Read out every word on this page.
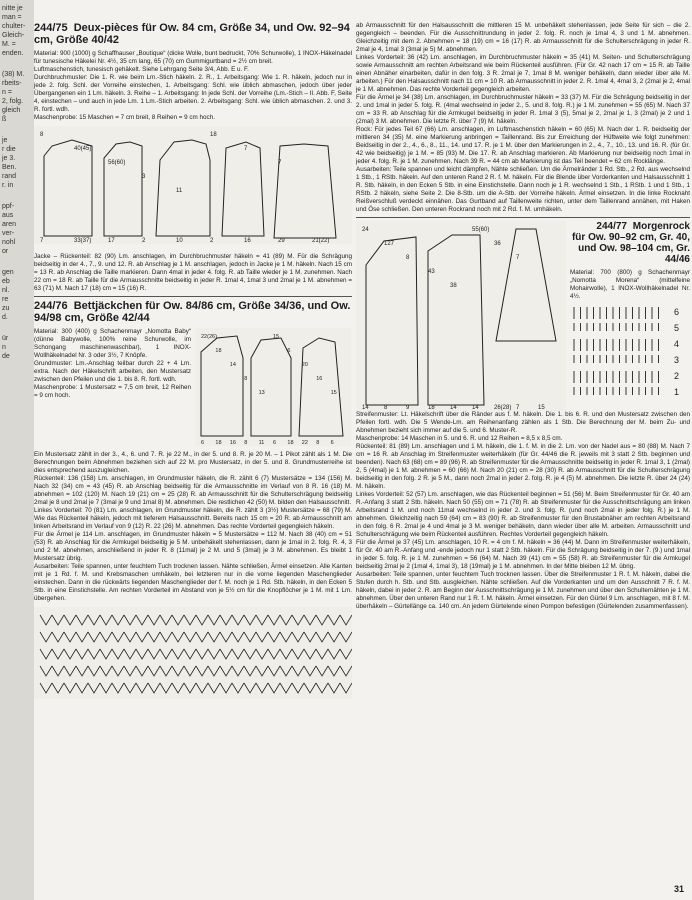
nitte je
man =
chulter-
Gleich-
M. =
enden.
(38) M.
rbeits-
n =
2, folg.
gleich
ß
je
r die
je 3.
Ben.
rand
r. in
ppf-
aus
aren
ver-
nohl
or
gen
eb
nl.
re
zu
d.
ür
n
de
244/75 Deux-pièces für Ow. 84 cm, Größe 34, und Ow. 92–94 cm, Größe 40/42

Material: 900 (1000) g Schaffhauser „Boutique“ (dicke Wolle, bunt bedruckt, 70% Schurwolle), 1 INOX-Häkelnadel für tunesische Häkelei Nr. 4½, 35 cm lang, 65 (70) cm Gummigurtband = 2½ cm breit.

Luftmaschenstich, tunesisch gehäkelt. Siehe Lehrgang Seite 3/4, Abb. E u. F.

Durchbruchmuster: Die 1. R. wie beim Lm.-Stich häkeln. 2. R., 1. Arbeitsgang: Wie 1. R. häkeln, jedoch nur in jede 2. folg. Schl. der Vorreihe einstechen, 1. Arbeitsgang: Schl. wie üblich abmaschen, jedoch über jeder Übergangenen ein 1 Lm. häkeln. 3. Reihe – 1. Arbeitsgang: In jede Schl. der Vorreihe (Lm.-Stich – II. Abb. F, Seite 4, einstechen – und auch in jede Lm. 1 Lm.-Stich arbeiten. 2. Arbeitsgang: Schl. wie üblich abmaschen. 2. und 3. R. fortl. wdh.

Maschenprobe: 15 Maschen = 7 cm breit, 8 Reihen = 9 cm hoch.

7	33(37)	17	2	10	2	16	29	21(22)
8
40(45)
56(60)
3
11
18
7
7

Jacke – Rückenteil: 82 (90) Lm. anschlagen, im Durchbruchmuster häkeln = 41 (89) M. Für die Schrägung beidseitig in der 4., 7., 9. und 12. R. ab Anschlag je 1 M. anschlagen, jedoch in Jacke je 1 M. häkeln. Nach 15 cm = 13 R. ab Anschlag die Taille markieren. Dann 4mal in jeder 4. folg. R. ab Taille wieder je 1 M. zunehmen. Nach 22 cm = 18 R. ab Taille für die Armausschnitte beidseitig in jeder R. 1mal 4, 1mal 3 und 2mal je 1 M. abnehmen = 63 (71) M. Nach 17 (18) cm = 15 (16) R.

244/76 Bettjäckchen für Ow. 84/86 cm, Größe 34/36, und Ow. 94/98 cm, Größe 42/44

Material: 300 (400) g Schachenmayr „Nomotta Baby“ (dünne Babywolle, 100% reine Schurwolle, im Schongang maschinenwaschbar), 1 INOX-Wollhäkelnadel Nr. 3 oder 3½, 7 Knöpfe.

Grundmuster: Lm.-Anschlag teilbar durch 22 + 4 Lm. extra. Nach der Häkelschrift arbeiten, den Mustersatz zwischen den Pfeilen und die 1. bis 8. R. fortl. wdh.

Maschenprobe: 1 Mustersatz = 7,5 cm breit, 12 Reihen = 9 cm hoch.

6 18 16 8 11 6 18 22 8 6
22(26)
18
14
8
13
15
6
20
16
15

Ein Mustersatz zählt in der 3., 4., 6. und 7. R. je 22 M., in der 5. und 8. R. je 20 M. – 1 Pikot zählt als 1 M. Die Berechnungen beim Abnehmen beziehen sich auf 22 M. pro Mustersatz, in der 5. und 8. Grundmusterreihe ist dies entsprechend auszugleichen.

Rückenteil: 136 (158) Lm. anschlagen, im Grundmuster häkeln, die R. zählt 6 (7) Mustersätze = 134 (156) M. Nach 32 (34) cm = 43 (45) R. ab Anschlag beidseitig für die Armausschnitte im Verlauf von 8 R. 16 (18) M. abnehmen = 102 (120) M. Nach 19 (21) cm = 25 (28) R. ab Armausschnitt für die Schulterschrägung beidseitig 2mal je 8 und 2mal je 7 (3mal je 9 und 1mal 8) M. abnehmen. Die restlichen 42 (50) M. bilden den Halsausschnitt.

Linkes Vorderteil: 70 (81) Lm. anschlagen, im Grundmuster häkeln, die R. zählt 3 (3½) Mustersätze = 68 (79) M. Wie das Rückenteil häkeln, jedoch mit tieferem Halsausschnitt. Bereits nach 15 cm = 20 R. ab Armausschnitt am linken Arbeitsrand im Verlauf von 9 (12) R. 22 (26) M. abnehmen. Das rechte Vorderteil gegengleich häkeln.

Für die Ärmel je 114 Lm. anschlagen, im Grundmuster häkeln = 5 Mustersätze = 112 M. Nach 38 (40) cm = 51 (53) R. ab Anschlag für die Armkugel beidseitig je 5 M. unbehäkelt stehenlassen, dann je 1mal in 2. folg. R. 4, 3 und 2 M. abnehmen, anschließend in jeder R. 8 (11mal) je 2 M. und 5 (3mal) je 3 M. abnehmen. Es bleibt 1 Mustersatz übrig.

Ausarbeiten: Teile spannen, unter feuchtem Tuch trocknen lassen. Nähte schließen, Ärmel einsetzen. Alle Kanten mit je 1 Rd. f. M. und Krebsmaschen umhäkeln, bei letzteren nur in die vorne liegenden Maschenglieder einstechen. Dann in die rückwärts liegenden Maschenglieder der f. M. noch je 1 Rd. Stb. häkeln, in den Ecken 5 Stb. in eine Einstichstelle. Am rechten Vorderteil im Abstand von je 5½ cm für die Knopflöcher je 1 M. mit 1 Lm. übergehen.

ab Armausschnitt für den Halsausschnitt die mittleren 15 M. unbehäkelt stehenlassen, jede Seite für sich – die 2. gegengleich – beenden. Für die Ausschnittrundung in jeder 2. folg. R. noch je 1mal 4, 3 und 1 M. abnehmen. Gleichzeitig mit dem 2. Abnehmen = 18 (19) cm = 16 (17) R. ab Armausschnitt für die Schulterschrägung in jeder R. 2mal je 4, 1mal 3 (3mal je 5) M. abnehmen.

Linkes Vorderteil: 36 (42) Lm. anschlagen, im Durchbruchmuster häkeln = 35 (41) M. Seiten- und Schulterschrägung sowie Armausschnitt am rechten Arbeitsrand wie beim Rückenteil ausführen. (Für Gr. 42 nach 17 cm = 15 R. ab Taille einen Abnäher einarbeiten, dafür in den folg. 3 R. 2mal je 7, 1mal 8 M. weniger behäkeln, dann wieder über alle M. arbeiten.) Für den Halsausschnitt nach 11 cm = 10 R. ab Armausschnitt in jeder 2. R. 1mal 4, 4mal 3, 2 (2mal je 2, 4mal je 1 M. abnehmen. Das rechte Vorderteil gegengleich arbeiten.

Für die Ärmel je 34 (38) Lm. anschlagen, im Durchbruchmuster häkeln = 33 (37) M. Für die Schrägung beidseitig in der 2. und 1mal in jeder 5. folg. R. (4mal wechselnd in jeder 2., 5. und 8. folg. R.) je 1 M. zunehmen = 55 (65) M. Nach 37 cm = 33 R. ab Anschlag für die Armkugel beidseitig in jeder R. 1mal 3 (5), 5mal je 2, 2mal je 1, 3 (2mal) je 2 und 1 (2mal) 3 M. abnehmen. Die letzte R. über 7 (9) M. häkeln.

Rock: Für jedes Teil 67 (66) Lm. anschlagen, im Luftmaschenstich häkeln = 60 (65) M. Nach der 1. R. beidseitig der mittleren 34 (35) M. eine Markierung anbringen = Taillenrand. Bis zur Erreichung der Hüftweite wie folgt zunehmen: Beidseitig in der 2., 4., 6., 8., 11., 14. und 17. R. je 1 M. über den Markierungen in 2., 4., 7., 10., 13. und 16. R. (für Gr. 42 wie beidseitig) je 1 M. = 85 (93) M. Die 17. R. ab Anschlag markieren. Ab Markierung nur beidseitig noch 1mal in jeder 4. folg. R. je 1 M. zunehmen. Nach 39 R. = 44 cm ab Markierung ist das Teil beendet = 62 cm Rocklänge.

Ausarbeiten: Teile spannen und leicht dämpfen, Nähte schließen. Um die Ärmelränder 1 Rd. Stb., 2 Rd. aus wechselnd 1 Stb., 1 RStb. häkeln. Auf den unteren Rand 2 R. f. M. häkeln. Für die Blende über Vorderkanten und Halsausschnitt 1 R. Stb. häkeln, in den Ecken 5 Stb. in eine Einstichstelle. Dann noch je 1 R. wechselnd 1 Stb., 1 RStb. 1 und 1 Stb., 1 RStb. 2 häkeln, siehe Seite 2. Die 8-Stb. um die A-Stb. der Vorreihe häkeln. Ärmel einsetzen. In die linke Rocknaht Reißverschluß verdeckt einnähen. Das Gurtband auf Taillenweite richten, unter dem Taillenrand annähen, mit Haken und Öse schließen. Den unteren Rockrand noch mit 2 Rd. f. M. umhäkeln.

14	8	9	18	14	14	26(28) 7	15
24
127
8
43
38
55(60)
36
7
244/77 Morgenrock
für Ow. 90–92 cm, Gr. 40,
und Ow. 98–104 cm, Gr. 44/46

Material: 700 (800) g Schachenmayr „Nomotta Morena“ (mittelfeine Mohairwolle), 1 INOX-Wollhäkelnadel Nr. 4½.

6
5
4
3
2
1

Streifenmuster: Lt. Häkelschrift über die Ränder aus f. M. häkeln. Die 1. bis 6. R. und den Mustersatz zwischen den Pfeilen fortl. wdh. Die 5 Wende-Lm. am Reihenanfang zählen als 1 Stb. Die Berechnung der M. beim Zu- und Abnehmen bezieht sich immer auf die 5. und 6. Muster-R.

Maschenprobe: 14 Maschen in 5. und 6. R. und 12 Reihen = 8,5 x 8,5 cm.

Rückenteil: 81 (89) Lm. anschlagen und 1 M. häkeln, die 1. f. M. in die 2. Lm. von der Nadel aus = 80 (88) M. Nach 7 cm = 16 R. ab Anschlag im Streifenmuster weiterhäkeln (für Gr. 44/46 die R. jeweils mit 3 statt 2 Stb. beginnen und beenden). Nach 63 (68) cm = 89 (96) R. ab Streifenmuster für die Armausschnitte beidseitig in jeder R. 1mal 3, 1 (2mal) 2, 5 (4mal) je 1 M. abnehmen = 60 (66) M. Nach 20 (21) cm = 28 (30) R. ab Armausschnitt für die Schulterschrägung beidseitig in den folg. 2 R. je 5 M., dann noch 2mal in jeder 2. folg. R. je 4 (5) M. abnehmen. Die letzte R. über 24 (24) M. häkeln.

Linkes Vorderteil: 52 (57) Lm. anschlagen, wie das Rückenteil beginnen = 51 (56) M. Beim Streifenmuster für Gr. 40 am R.-Anfang 3 statt 2 Stb. häkeln. Nach 50 (55) cm = 71 (78) R. ab Streifenmuster für die Ausschnittschrägung am linken Arbeitsrand 1 M. und noch 11mal wechselnd in jeder 2. und 3. folg. R. (und noch 2mal in jeder folg. R.) je 1 M. abnehmen. Gleichzeitig nach 59 (64) cm = 83 (90) R. ab Streifenmuster für den Brustabnäher am rechten Arbeitsrand in den folg. 6 R. 2mal je 4 und 4mal je 3 M. weniger behäkeln, dann wieder über alle M. arbeiten. Armausschnitt und Schulterschrägung wie beim Rückenteil ausführen. Rechtes Vorderteil gegengleich häkeln.

Für die Ärmel je 37 (45) Lm. anschlagen, 10 R. = 4 cm f. M. häkeln = 36 (44) M. Dann im Streifenmuster weiterhäkeln, für Gr. 40 am R.-Anfang und -ende jedoch nur 1 statt 2 Stb. häkeln. Für die Schrägung beidseitig in der 7. (9.) und 1mal in jeder 5. folg. R. je 1 M. zunehmen = 56 (64) M. Nach 39 (41) cm = 55 (58) R. ab Streifenmuster für die Armkugel beidseitig 2mal je 2 (1mal 4, 1mal 3), 18 (19mal) je 1 M. abnehmen. In der Mitte bleiben 12 M. übrig.

Ausarbeiten: Teile spannen, unter feuchtem Tuch trocknen lassen. Über die Streifenmuster 1 R. f. M. häkeln, dabei die Stufen durch h. Stb. und Stb. ausgleichen. Nähte schließen. Auf die Vorderkanten und um den Ausschnitt 7 R. f. M. häkeln, dabei in jeder 2. R. am Beginn der Ausschnittschrägung je 1 M. zunehmen und über den Schulternähten je 1 M. abnehmen. Über den unteren Rand nur 1 R. f. M. häkeln. Ärmel einsetzen. Für den Gürtel 9 Lm. anschlagen, mit 8 f. M. überhäkeln – Gürtellänge ca. 140 cm. An jedem Gürtelende einen Pompon befestigen (Gürtelenden zusammenfassen).

31
